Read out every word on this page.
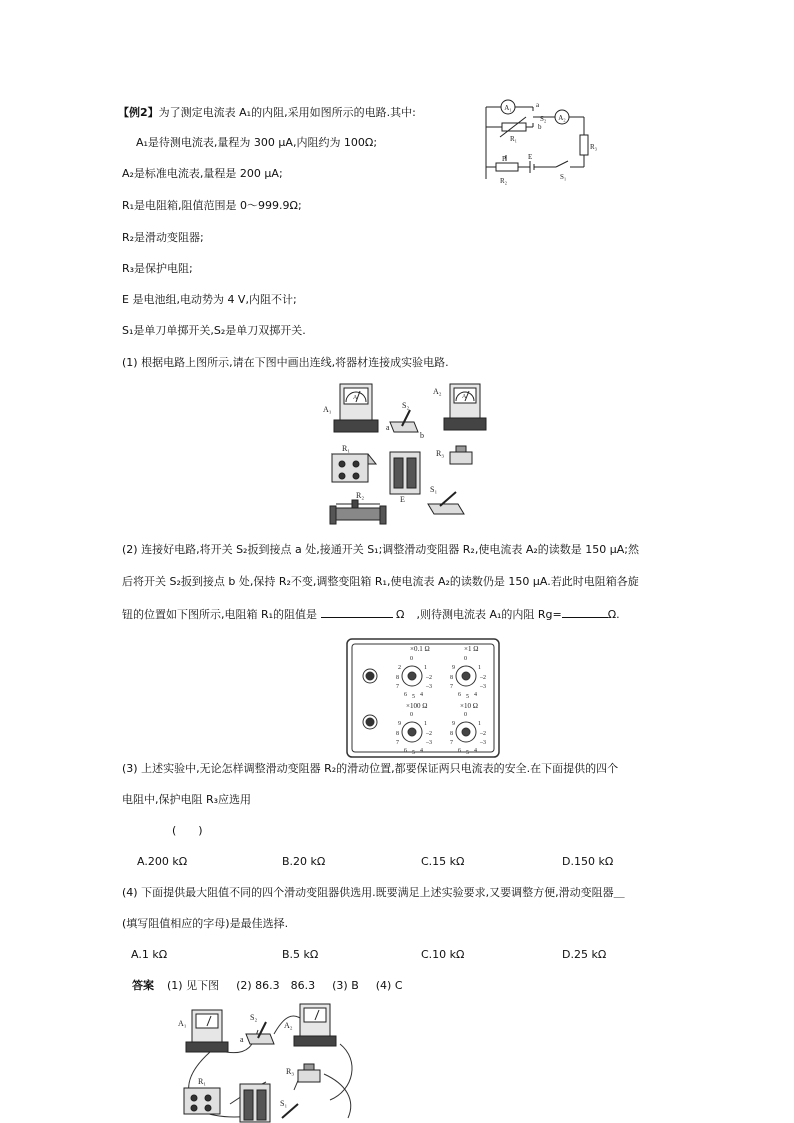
【例2】为了测定电流表 A₁的内阻,采用如图所示的电路.其中:
A₁是待测电流表,量程为 300 μA,内阻约为 100Ω;
A₂是标准电流表,量程是 200 μA;
R₁是电阻箱,阻值范围是 0～999.9Ω;
R₂是滑动变阻器;
R₃是保护电阻;
E 是电池组,电动势为 4 V,内阻不计;
S₁是单刀单掷开关,S₂是单刀双掷开关.
A₁	a
b
S₂
R₁
A₂
R₃
P
R₂
E
S₁
(1) 根据电路上图所示,请在下图中画出连线,将器材连接成实验电路.
A₁
A
A₂
A
S₂
a
b
R₁
E
R₃
S₁
R₂
(2) 连接好电路,将开关 S₂扳到接点 a 处,接通开关 S₁;调整滑动变阻器 R₂,使电流表 A₂的读数是 150 μA;然
后将开关 S₂扳到接点 b 处,保持 R₂不变,调整变阻箱 R₁,使电流表 A₂的读数仍是 150 μA.若此时电阻箱各旋
钮的位置如下图所示,电阻箱 R₁的阻值是	Ω ,则待测电流表 A₁的内阻 Rg=	Ω.
×0.1 Ω
0
2	1
8	–2
7	–3
6 5 4
×1 Ω
0
9	1
8	–2
7	–3
6 5 4
×100 Ω
0
9	1
8	–2
7	–3
6 5 4
×10 Ω
0
9	1
8	–2
7	–3
6 5 4
(3) 上述实验中,无论怎样调整滑动变阻器 R₂的滑动位置,都要保证两只电流表的安全.在下面提供的四个
电阻中,保护电阻 R₃应选用
(　　)
A.200 kΩ	B.20 kΩ	C.15 kΩ	D.150 kΩ
(4) 下面提供最大阻值不同的四个滑动变阻器供选用.既要满足上述实验要求,又要调整方便,滑动变阻器＿
(填写阻值相应的字母)是最佳选择.
A.1 kΩ	B.5 kΩ	C.10 kΩ	D.25 kΩ
答案 (1) 见下图 (2) 86.3　86.3 (3) B (4) C
A₁
S₂
a
A₂
R₁
R₃
S₁
